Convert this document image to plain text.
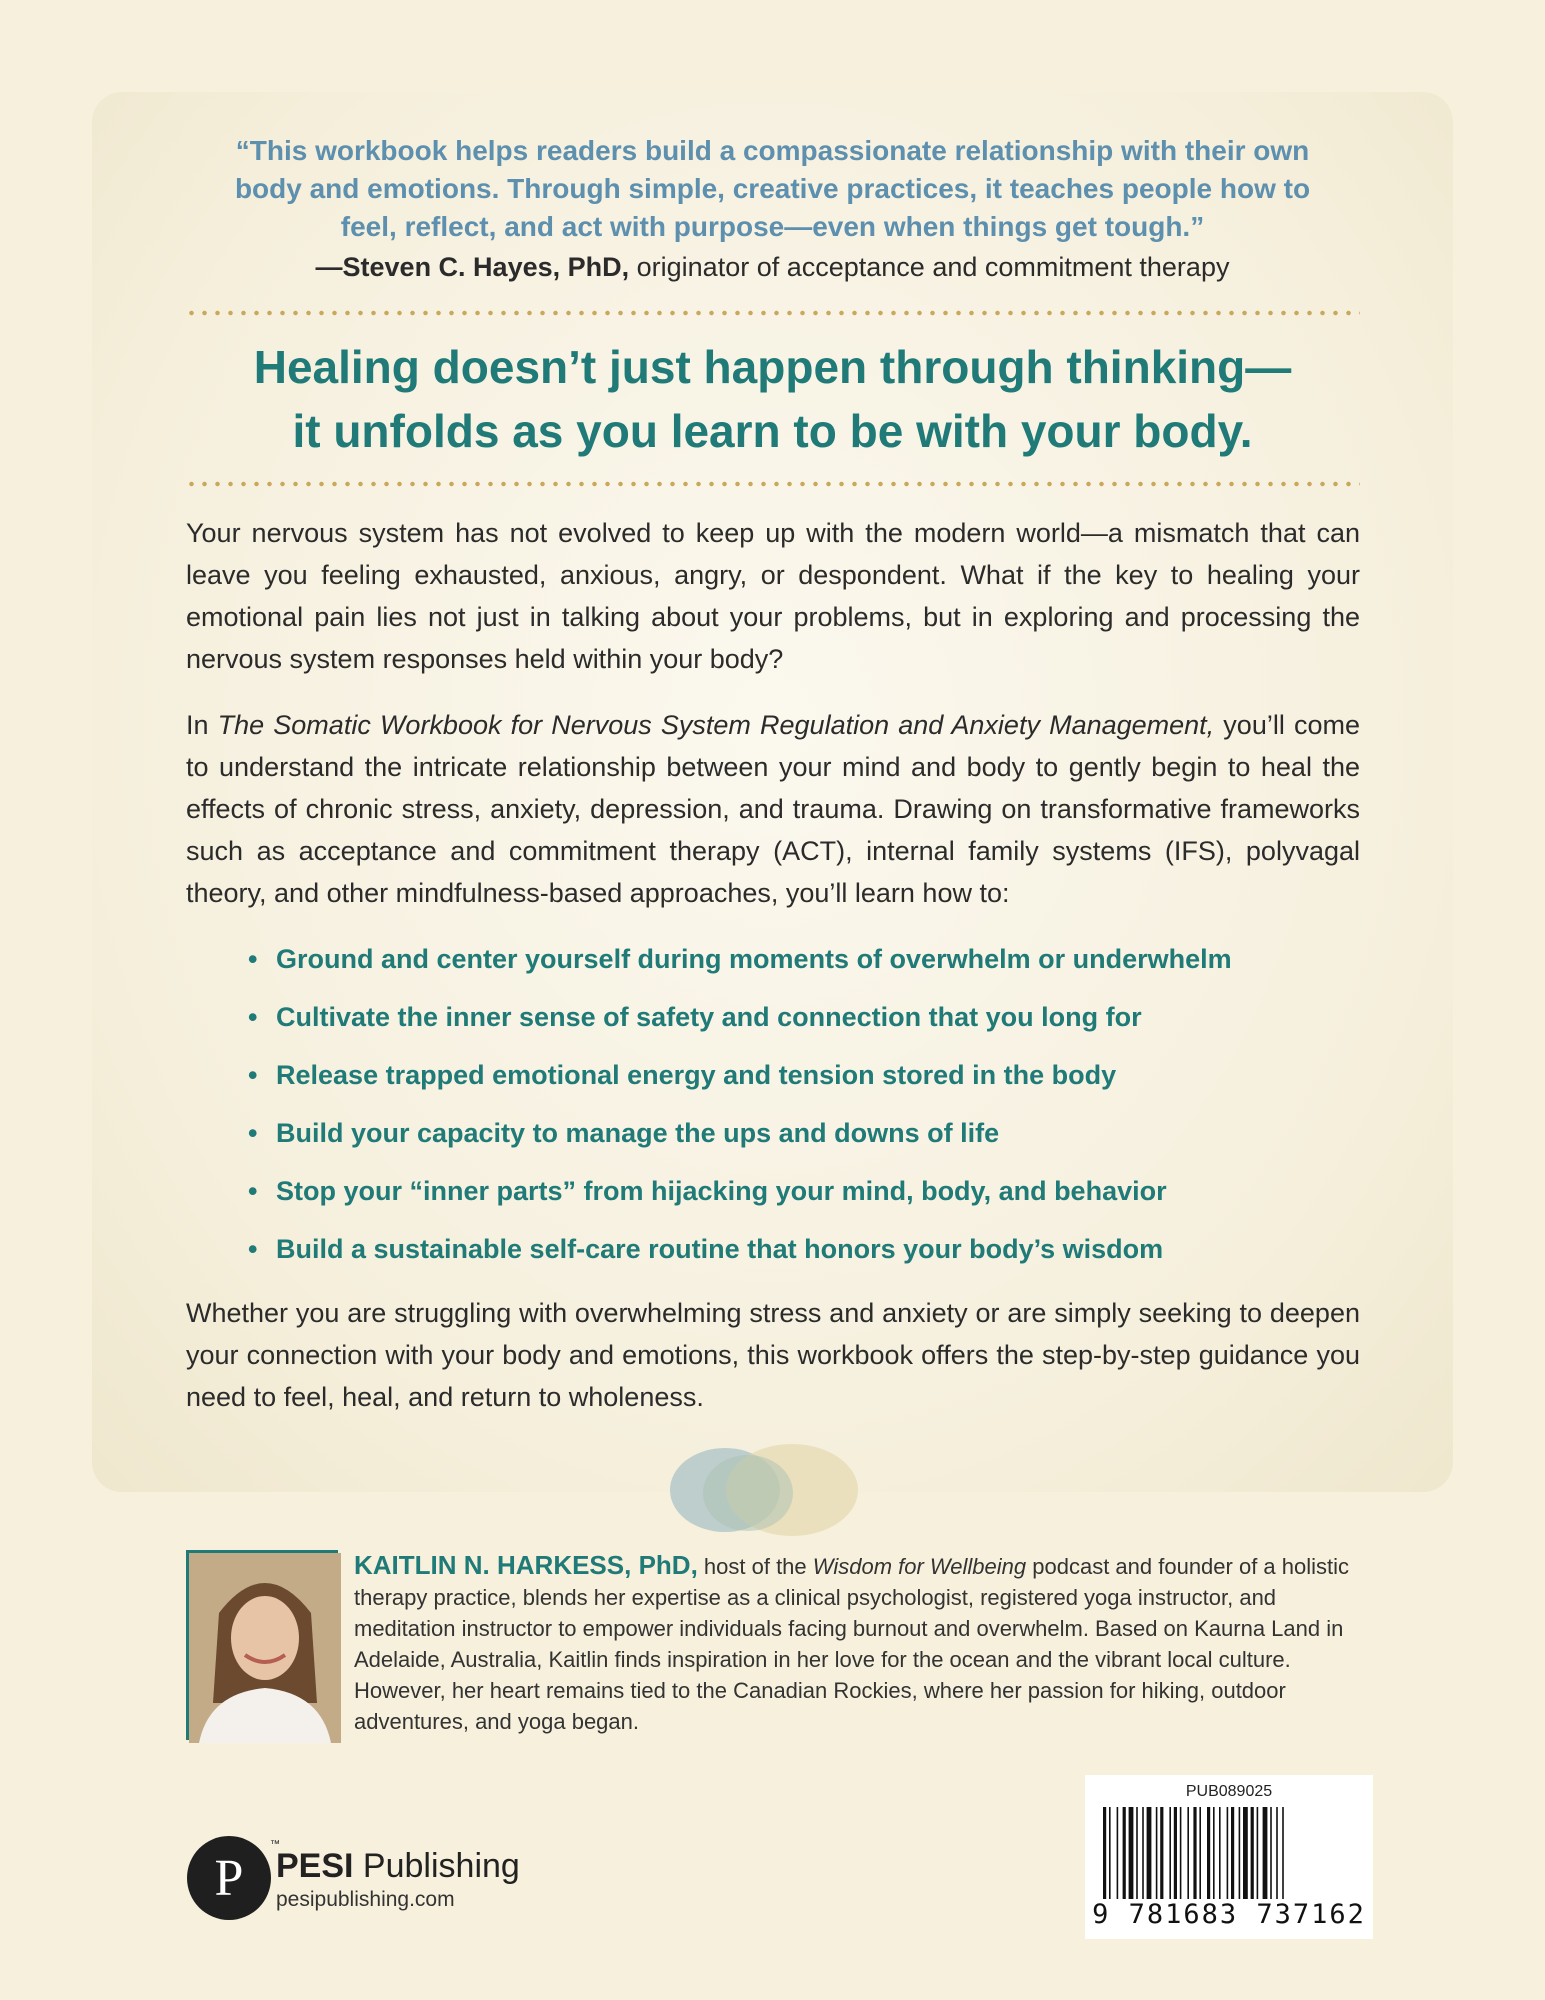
“This workbook helps readers build a compassionate relationship with their own body and emotions. Through simple, creative practices, it teaches people how to feel, reflect, and act with purpose—even when things get tough.”
—Steven C. Hayes, PhD, originator of acceptance and commitment therapy
Healing doesn’t just happen through thinking—
it unfolds as you learn to be with your body.

Your nervous system has not evolved to keep up with the modern world—a mismatch that can leave you feeling exhausted, anxious, angry, or despondent. What if the key to healing your emotional pain lies not just in talking about your problems, but in exploring and processing the nervous system responses held within your body?

In The Somatic Workbook for Nervous System Regulation and Anxiety Management, you’ll come to understand the intricate relationship between your mind and body to gently begin to heal the effects of chronic stress, anxiety, depression, and trauma. Drawing on transformative frameworks such as acceptance and commitment therapy (ACT), internal family systems (IFS), polyvagal theory, and other mindfulness-based approaches, you’ll learn how to:

• Ground and center yourself during moments of overwhelm or underwhelm
• Cultivate the inner sense of safety and connection that you long for
• Release trapped emotional energy and tension stored in the body
• Build your capacity to manage the ups and downs of life
• Stop your “inner parts” from hijacking your mind, body, and behavior
• Build a sustainable self-care routine that honors your body’s wisdom

Whether you are struggling with overwhelming stress and anxiety or are simply seeking to deepen your connection with your body and emotions, this workbook offers the step-by-step guidance you need to feel, heal, and return to wholeness.

KAITLIN N. HARKESS, PhD, host of the Wisdom for Wellbeing podcast and founder of a holistic therapy practice, blends her expertise as a clinical psychologist, registered yoga instructor, and meditation instructor to empower individuals facing burnout and overwhelm. Based on Kaurna Land in Adelaide, Australia, Kaitlin finds inspiration in her love for the ocean and the vibrant local culture. However, her heart remains tied to the Canadian Rockies, where her passion for hiking, outdoor adventures, and yoga began.
P
™
PESI Publishing
pesipublishing.com
PUB089025
9 781683 737162
